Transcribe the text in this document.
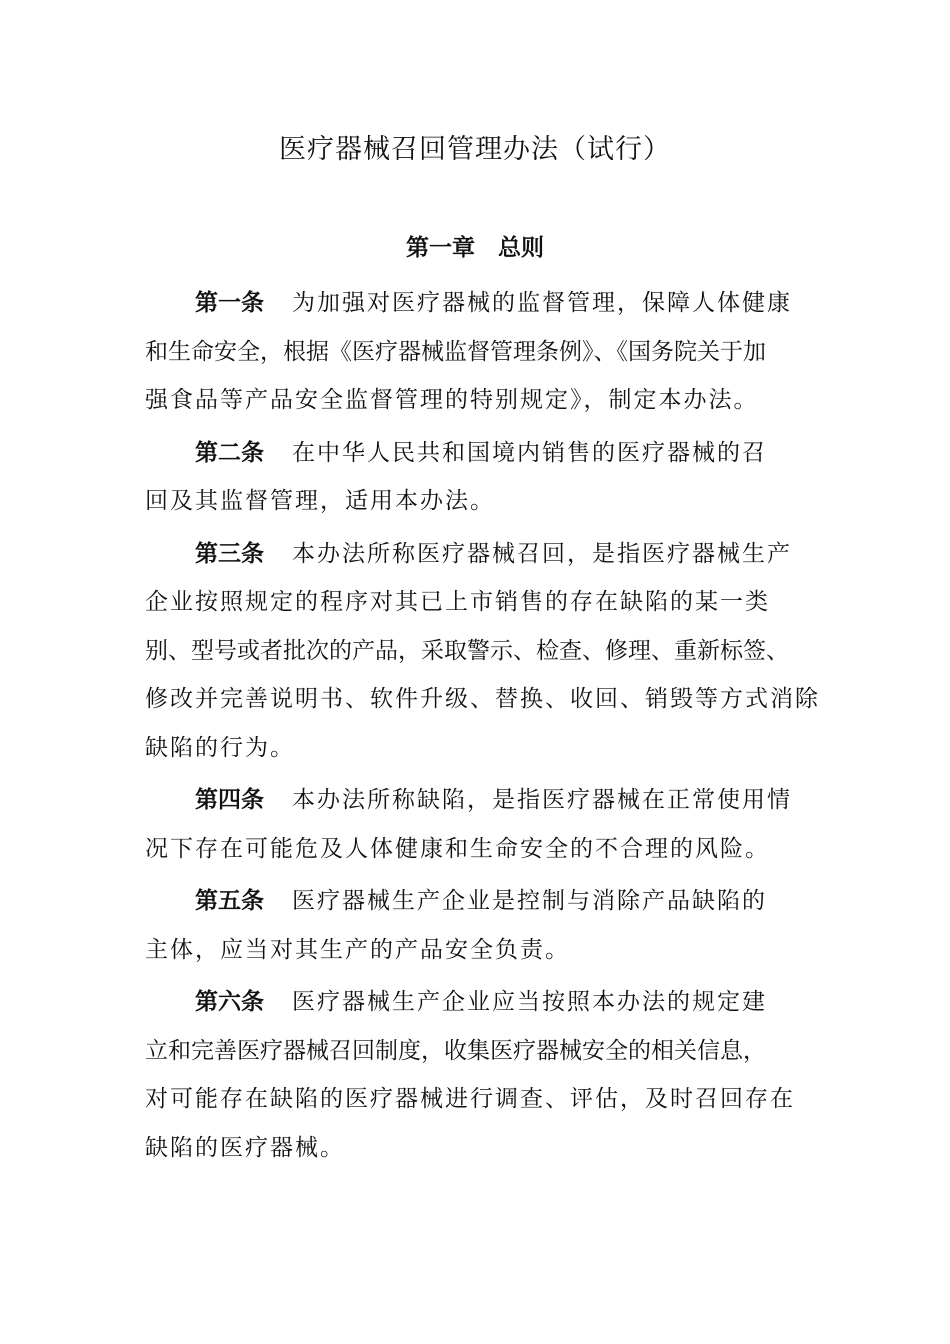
医疗器械召回管理办法（试行）
第一章　总则
第一条 为加强对医疗器械的监督管理，保障人体健康
和生命安全，根据《医疗器械监督管理条例》、《国务院关于加
强食品等产品安全监督管理的特别规定》，制定本办法。
第二条 在中华人民共和国境内销售的医疗器械的召
回及其监督管理，适用本办法。
第三条 本办法所称医疗器械召回，是指医疗器械生产
企业按照规定的程序对其已上市销售的存在缺陷的某一类
别、型号或者批次的产品，采取警示、检查、修理、重新标签、
修改并完善说明书、软件升级、替换、收回、销毁等方式消除
缺陷的行为。
第四条 本办法所称缺陷，是指医疗器械在正常使用情
况下存在可能危及人体健康和生命安全的不合理的风险。
第五条 医疗器械生产企业是控制与消除产品缺陷的
主体，应当对其生产的产品安全负责。
第六条 医疗器械生产企业应当按照本办法的规定建
立和完善医疗器械召回制度，收集医疗器械安全的相关信息，
对可能存在缺陷的医疗器械进行调查、评估，及时召回存在
缺陷的医疗器械。
